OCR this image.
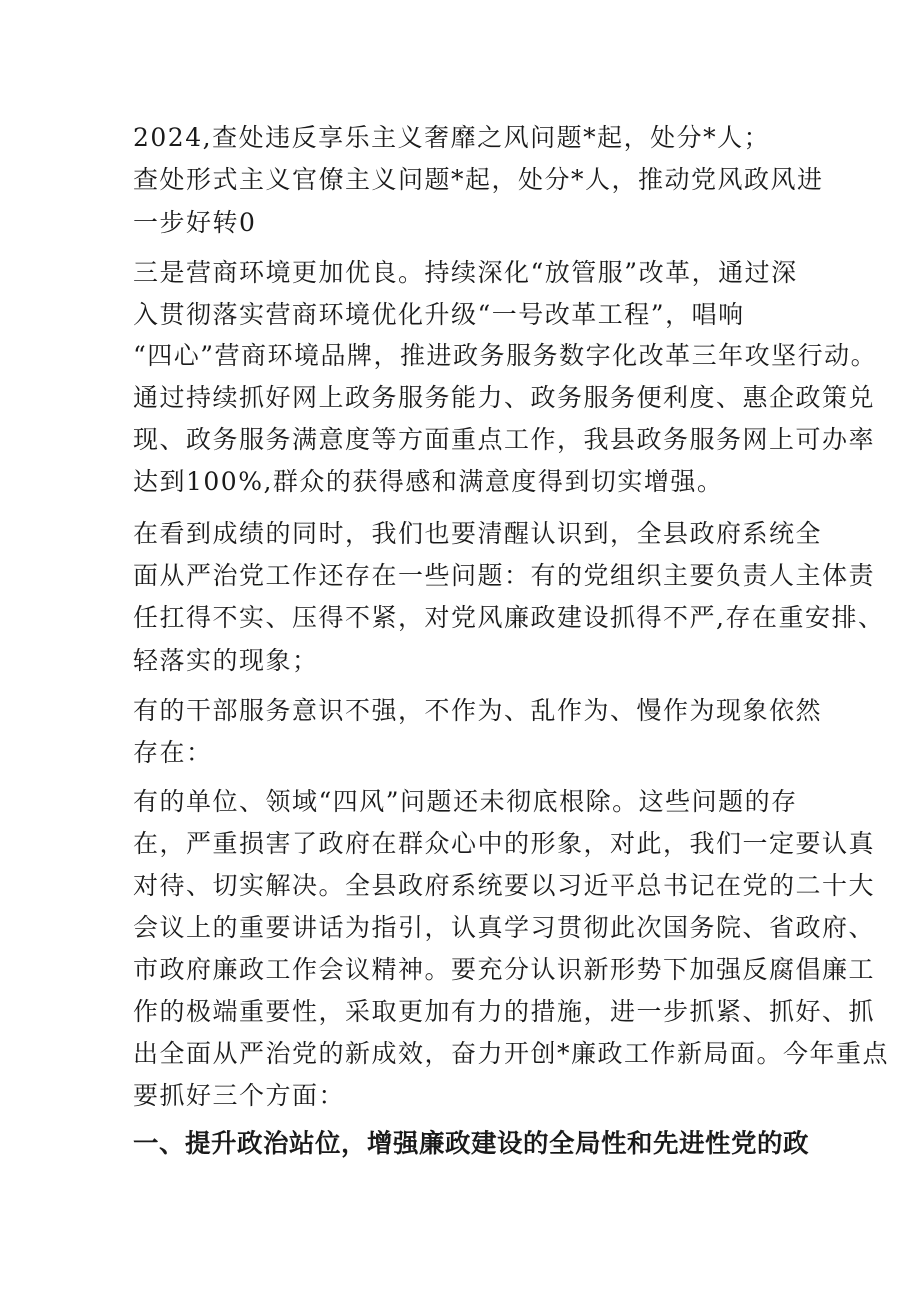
2024,查处违反享乐主义奢靡之风问题*起，处分*人；
查处形式主义官僚主义问题*起，处分*人，推动党风政风进
一步好转0
三是营商环境更加优良。持续深化“放管服”改革，通过深
入贯彻落实营商环境优化升级“一号改革工程”，唱响
“四心”营商环境品牌，推进政务服务数字化改革三年攻坚行动。
通过持续抓好网上政务服务能力、政务服务便利度、惠企政策兑
现、政务服务满意度等方面重点工作，我县政务服务网上可办率
达到100%,群众的获得感和满意度得到切实增强。
在看到成绩的同时，我们也要清醒认识到，全县政府系统全
面从严治党工作还存在一些问题：有的党组织主要负责人主体责
任扛得不实、压得不紧，对党风廉政建设抓得不严,存在重安排、
轻落实的现象；
有的干部服务意识不强，不作为、乱作为、慢作为现象依然
存在：
有的单位、领域“四风”问题还未彻底根除。这些问题的存
在，严重损害了政府在群众心中的形象，对此，我们一定要认真
对待、切实解决。全县政府系统要以习近平总书记在党的二十大
会议上的重要讲话为指引，认真学习贯彻此次国务院、省政府、
市政府廉政工作会议精神。要充分认识新形势下加强反腐倡廉工
作的极端重要性，采取更加有力的措施，进一步抓紧、抓好、抓
出全面从严治党的新成效，奋力开创*廉政工作新局面。今年重点
要抓好三个方面：
一、提升政治站位，增强廉政建设的全局性和先进性党的政
